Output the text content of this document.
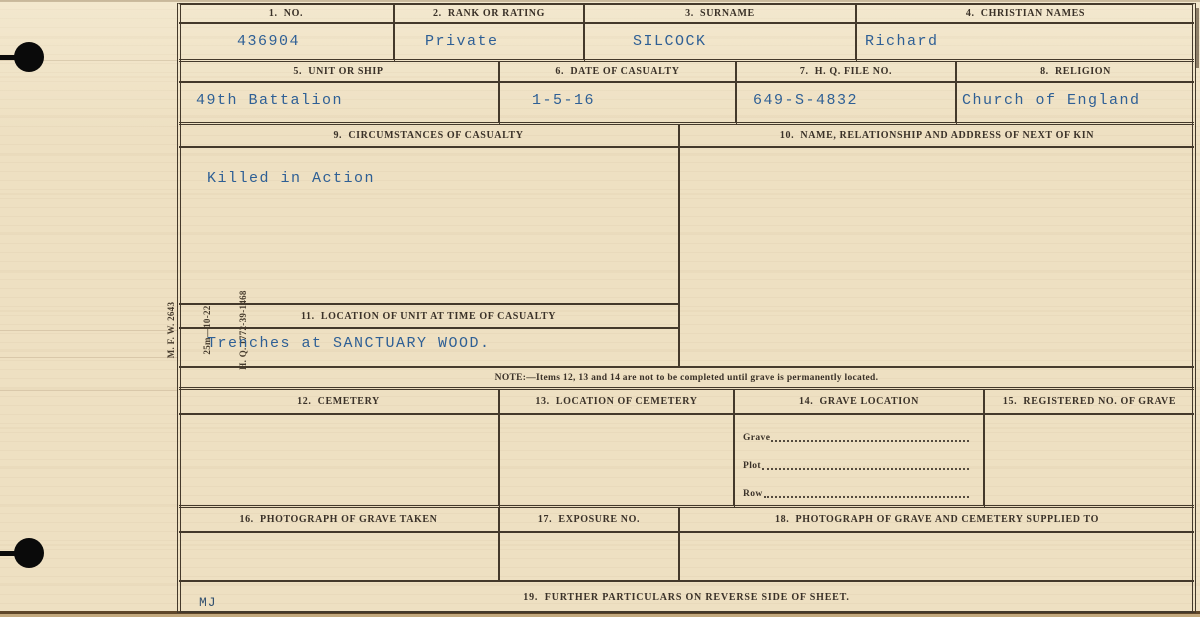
M. F. W. 2643

	25m—10-22

	H. Q. 1772-39-1468

1.  NO.
436904
2.  RANK OR RATING
Private
3.  SURNAME
SILCOCK
4.  CHRISTIAN NAMES
Richard
5.  UNIT OR SHIP
49th Battalion
6.  DATE OF CASUALTY
1-5-16
7.  H. Q. FILE NO.
649-S-4832
8.  RELIGION
Church of England
9.  CIRCUMSTANCES OF CASUALTY
Killed in Action
11.  LOCATION OF UNIT AT TIME OF CASUALTY
Trenches at SANCTUARY WOOD.
10.  NAME, RELATIONSHIP AND ADDRESS OF NEXT OF KIN
NOTE:—Items 12, 13 and 14 are not to be completed until grave is permanently located.
12.  CEMETERY	13.  LOCATION OF CEMETERY	14.  GRAVE LOCATION
Grave
Plot
Row
15.  REGISTERED NO. OF GRAVE
16.  PHOTOGRAPH OF GRAVE TAKEN	17.  EXPOSURE NO.	18.  PHOTOGRAPH OF GRAVE AND CEMETERY SUPPLIED TO
19.  FURTHER PARTICULARS ON REVERSE SIDE OF SHEET.
MJ
